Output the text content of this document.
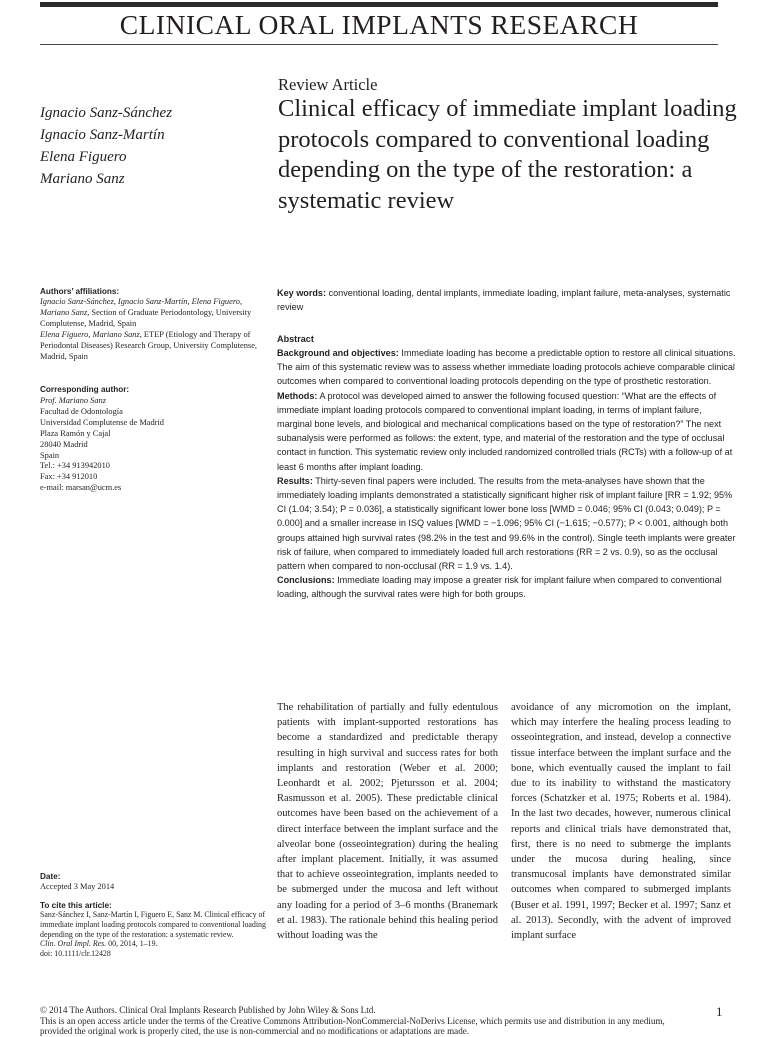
CLINICAL ORAL IMPLANTS RESEARCH
Review Article
Clinical efficacy of immediate implant loading protocols compared to conventional loading depending on the type of the restoration: a systematic review
Ignacio Sanz-Sánchez
Ignacio Sanz-Martín
Elena Figuero
Mariano Sanz
Authors’ affiliations:
Ignacio Sanz-Sánchez, Ignacio Sanz-Martín, Elena Figuero, Mariano Sanz, Section of Graduate Periodontology, University Complutense, Madrid, Spain
Elena Figuero, Mariano Sanz, ETEP (Etiology and Therapy of Periodontal Diseases) Research Group, University Complutense, Madrid, Spain
Corresponding author:
Prof. Mariano Sanz
Facultad de Odontología
Universidad Complutense de Madrid
Plaza Ramón y Cajal
28040 Madrid
Spain
Tel.: +34 913942010
Fax: +34 912010
e-mail: marsan@ucm.es
Key words: conventional loading, dental implants, immediate loading, implant failure, meta-analyses, systematic review
Abstract

Background and objectives: Immediate loading has become a predictable option to restore all clinical situations. The aim of this systematic review was to assess whether immediate loading protocols achieve comparable clinical outcomes when compared to conventional loading protocols depending on the type of prosthetic restoration.

Methods: A protocol was developed aimed to answer the following focused question: “What are the effects of immediate implant loading protocols compared to conventional implant loading, in terms of implant failure, marginal bone levels, and biological and mechanical complications based on the type of restoration?” The next subanalysis were performed as follows: the extent, type, and material of the restoration and the type of occlusal contact in function. This systematic review only included randomized controlled trials (RCTs) with a follow-up of at least 6 months after implant loading.

Results: Thirty-seven final papers were included. The results from the meta-analyses have shown that the immediately loading implants demonstrated a statistically significant higher risk of implant failure [RR = 1.92; 95% CI (1.04; 3.54); P = 0.036], a statistically significant lower bone loss [WMD = 0.046; 95% CI (0.043; 0.049); P = 0.000] and a smaller increase in ISQ values [WMD = −1.096; 95% CI (−1.615; −0.577); P < 0.001, although both groups attained high survival rates (98.2% in the test and 99.6% in the control). Single teeth implants were greater risk of failure, when compared to immediately loaded full arch restorations (RR = 2 vs. 0.9), so as the occlusal pattern when compared to non-occlusal (RR = 1.9 vs. 1.4).

Conclusions: Immediate loading may impose a greater risk for implant failure when compared to conventional loading, although the survival rates were high for both groups.

The rehabilitation of partially and fully edentulous patients with implant-supported restorations has become a standardized and predictable therapy resulting in high survival and success rates for both implants and restoration (Weber et al. 2000; Leonhardt et al. 2002; Pjetursson et al. 2004; Rasmusson et al. 2005). These predictable clinical outcomes have been based on the achievement of a direct interface between the implant surface and the alveolar bone (osseointegration) during the healing after implant placement. Initially, it was assumed that to achieve osseointegration, implants needed to be submerged under the mucosa and left without any loading for a period of 3–6 months (Branemark et al. 1983). The rationale behind this healing period without loading was the
avoidance of any micromotion on the implant, which may interfere the healing process leading to osseointegration, and instead, develop a connective tissue interface between the implant surface and the bone, which eventually caused the implant to fail due to its inability to withstand the masticatory forces (Schatzker et al. 1975; Roberts et al. 1984). In the last two decades, however, numerous clinical reports and clinical trials have demonstrated that, first, there is no need to submerge the implants under the mucosa during healing, since transmucosal implants have demonstrated similar outcomes when compared to submerged implants (Buser et al. 1991, 1997; Becker et al. 1997; Sanz et al. 2013). Secondly, with the advent of improved implant surface
Date:
Accepted 3 May 2014
To cite this article:
Sanz-Sánchez I, Sanz-Martín I, Figuero E, Sanz M. Clinical efficacy of immediate implant loading protocols compared to conventional loading depending on the type of the restoration: a systematic review.
Clin. Oral Impl. Res. 00, 2014, 1–19.
doi: 10.1111/clr.12428
© 2014 The Authors. Clinical Oral Implants Research Published by John Wiley & Sons Ltd.
This is an open access article under the terms of the Creative Commons Attribution-NonCommercial-NoDerivs License, which permits use and distribution in any medium, provided the original work is properly cited, the use is non-commercial and no modifications or adaptations are made.
1
